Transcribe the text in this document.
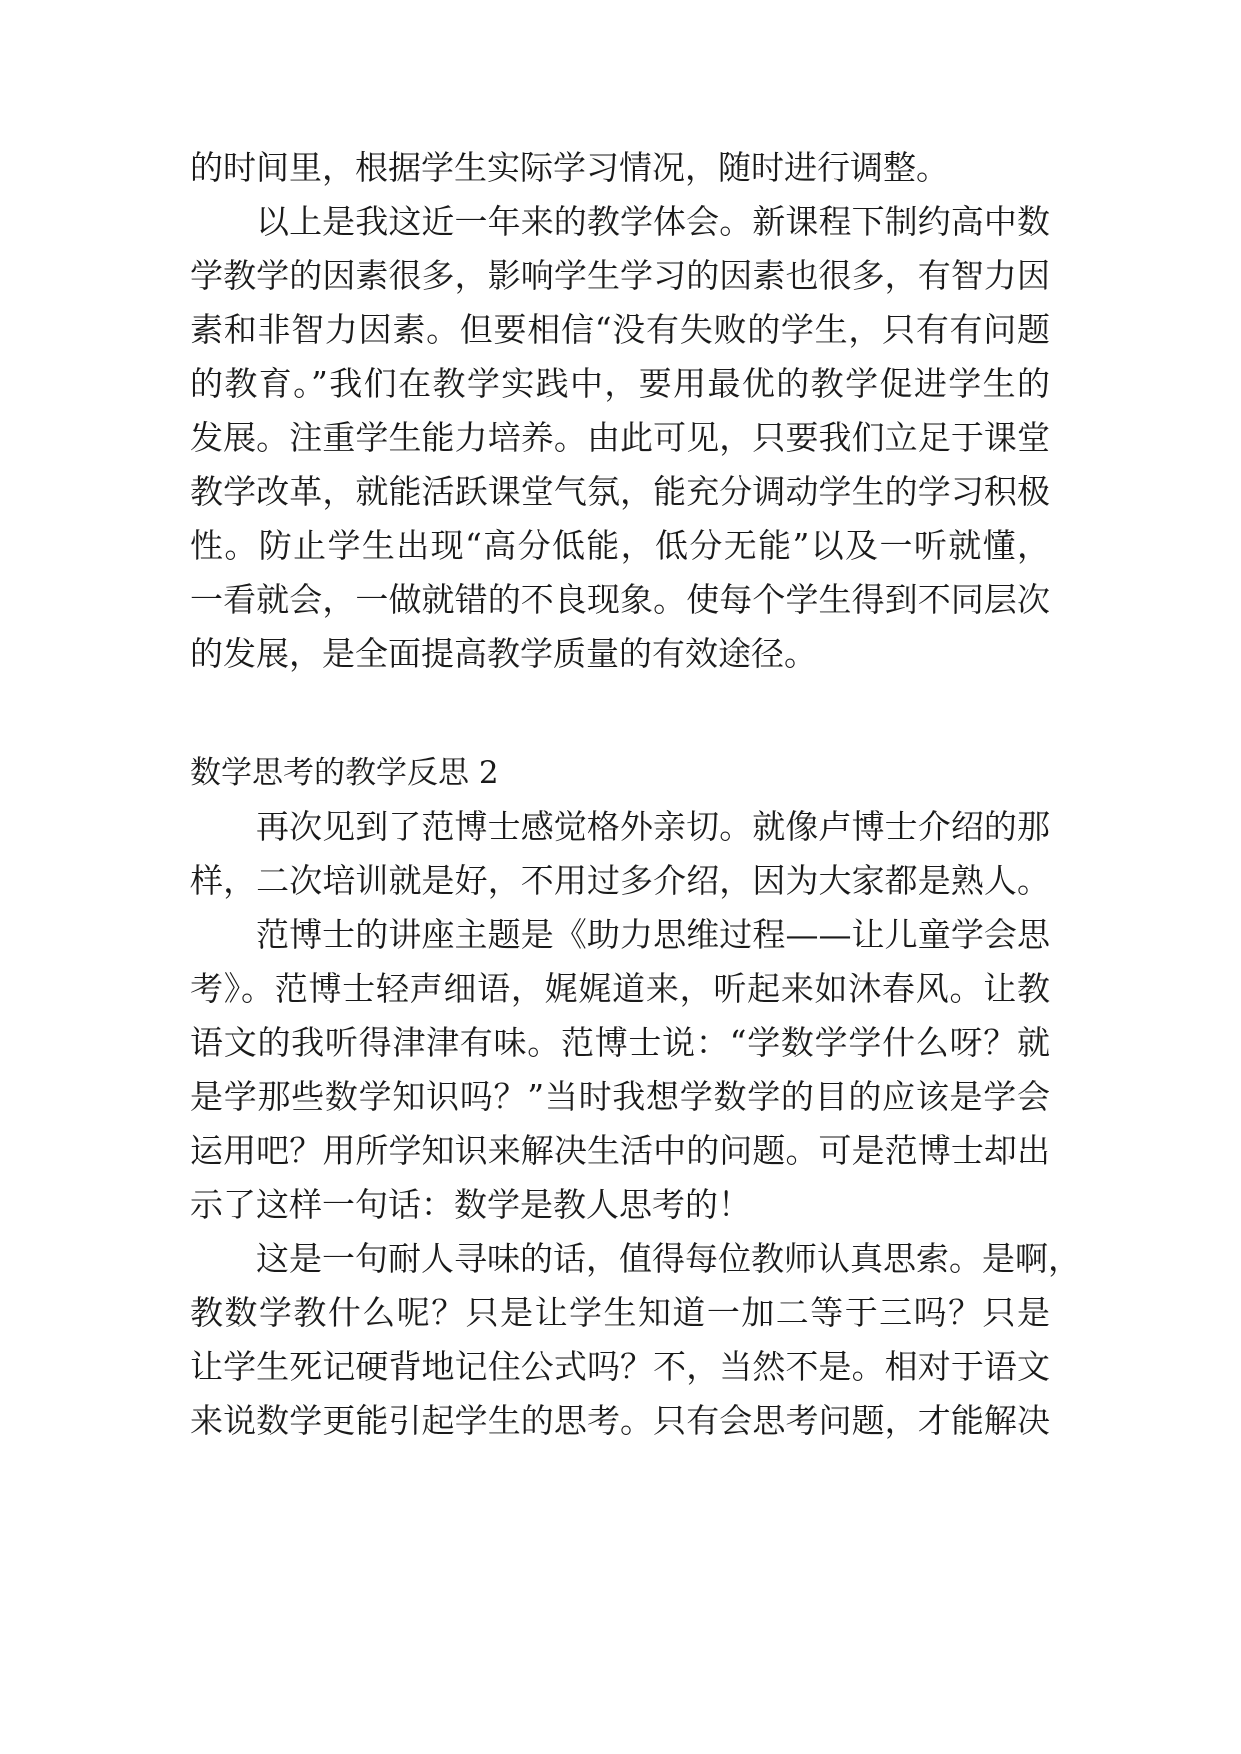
的时间里，根据学生实际学习情况，随时进行调整。
以上是我这近一年来的教学体会。新课程下制约高中数
学教学的因素很多，影响学生学习的因素也很多，有智力因
素和非智力因素。但要相信“没有失败的学生，只有有问题
的教育。”我们在教学实践中，要用最优的教学促进学生的
发展。注重学生能力培养。由此可见，只要我们立足于课堂
教学改革，就能活跃课堂气氛，能充分调动学生的学习积极
性。防止学生出现“高分低能，低分无能”以及一听就懂，
一看就会，一做就错的不良现象。使每个学生得到不同层次
的发展，是全面提高教学质量的有效途径。
数学思考的教学反思 2
再次见到了范博士感觉格外亲切。就像卢博士介绍的那
样，二次培训就是好，不用过多介绍，因为大家都是熟人。
范博士的讲座主题是《助力思维过程——让儿童学会思
考》。范博士轻声细语，娓娓道来，听起来如沐春风。让教
语文的我听得津津有味。范博士说：“学数学学什么呀？就
是学那些数学知识吗？”当时我想学数学的目的应该是学会
运用吧？用所学知识来解决生活中的问题。可是范博士却出
示了这样一句话：数学是教人思考的！
这是一句耐人寻味的话，值得每位教师认真思索。是啊，
教数学教什么呢？只是让学生知道一加二等于三吗？只是
让学生死记硬背地记住公式吗？不，当然不是。相对于语文
来说数学更能引起学生的思考。只有会思考问题，才能解决
